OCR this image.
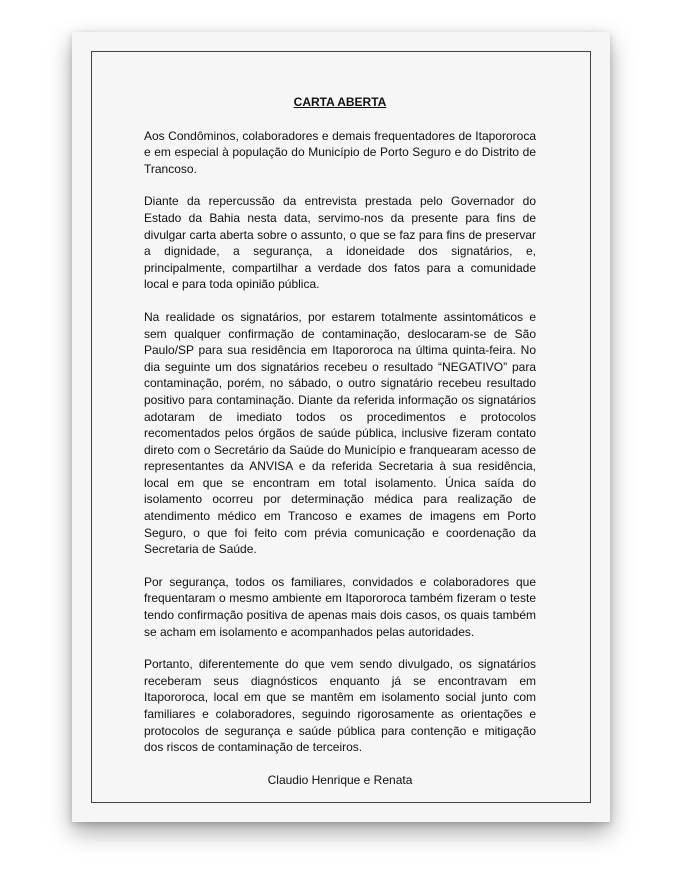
CARTA ABERTA

Aos Condôminos, colaboradores e demais frequentadores de Itapororoca e em especial à população do Município de Porto Seguro e do Distrito de Trancoso.

Diante da repercussão da entrevista prestada pelo Governador do Estado da Bahia nesta data, servimo-nos da presente para fins de divulgar carta aberta sobre o assunto, o que se faz para fins de preservar a dignidade, a segurança, a idoneidade dos signatários, e, principalmente, compartilhar a verdade dos fatos para a comunidade local e para toda opinião pública.

Na realidade os signatários, por estarem totalmente assintomáticos e sem qualquer confirmação de contaminação, deslocaram-se de São Paulo/SP para sua residência em Itapororoca na última quinta-feira. No dia seguinte um dos signatários recebeu o resultado “NEGATIVO” para contaminação, porém, no sábado, o outro signatário recebeu resultado positivo para contaminação. Diante da referida informação os signatários adotaram de imediato todos os procedimentos e protocolos recomentados pelos órgãos de saúde pública, inclusive fizeram contato direto com o Secretário da Saúde do Município e franquearam acesso de representantes da ANVISA e da referida Secretaria à sua residência, local em que se encontram em total isolamento. Única saída do isolamento ocorreu por determinação médica para realização de atendimento médico em Trancoso e exames de imagens em Porto Seguro, o que foi feito com prévia comunicação e coordenação da Secretaria de Saúde.

Por segurança, todos os familiares, convidados e colaboradores que frequentaram o mesmo ambiente em Itapororoca também fizeram o teste tendo confirmação positiva de apenas mais dois casos, os quais também se acham em isolamento e acompanhados pelas autoridades.

Portanto, diferentemente do que vem sendo divulgado, os signatários receberam seus diagnósticos enquanto já se encontravam em Itapororoca, local em que se mantêm em isolamento social junto com familiares e colaboradores, seguindo rigorosamente as orientações e protocolos de segurança e saúde pública para contenção e mitigação dos riscos de contaminação de terceiros.

Claudio Henrique e Renata
